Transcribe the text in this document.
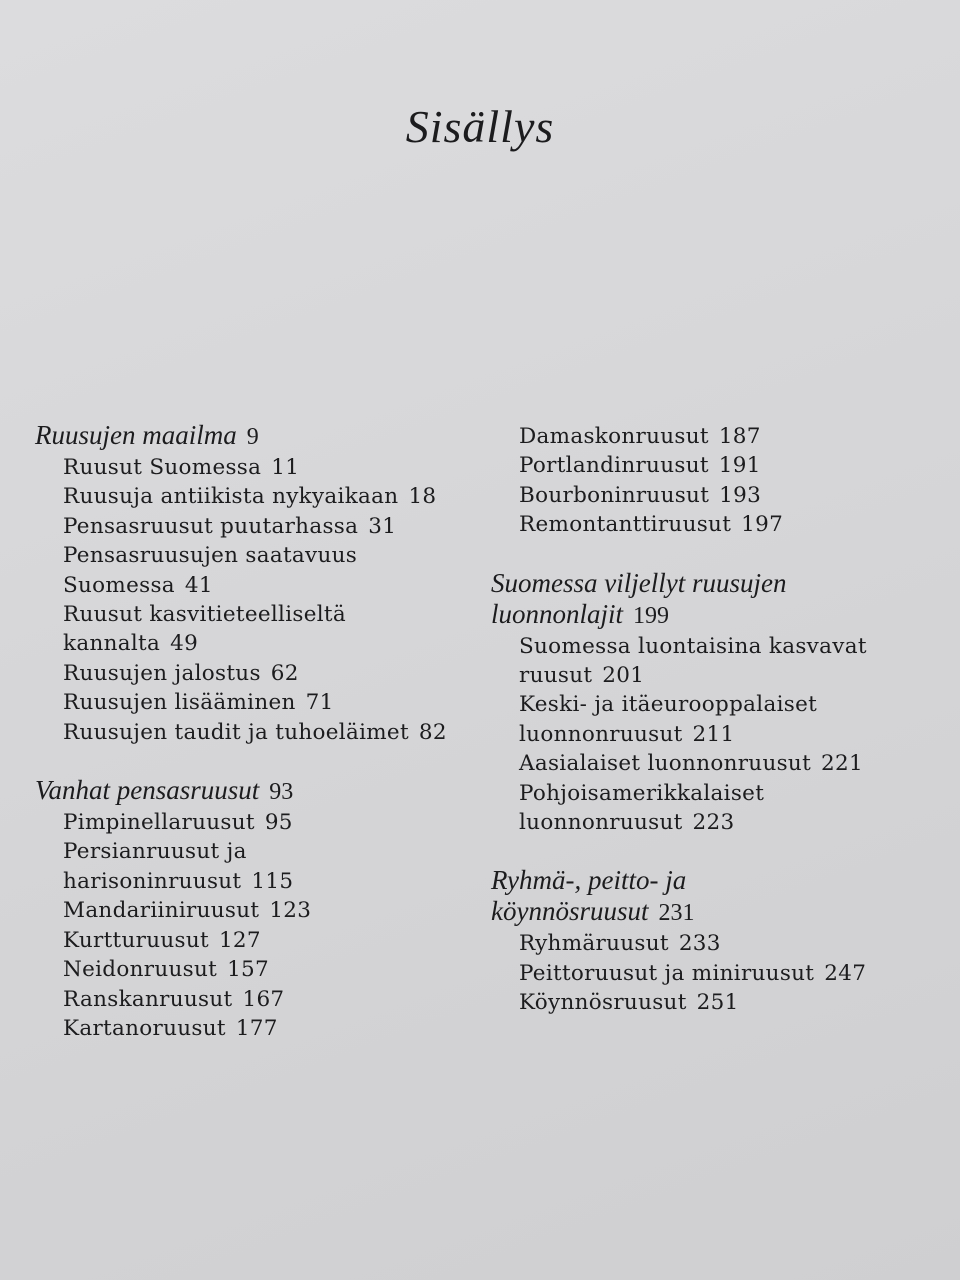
Sisällys
Ruusujen maailma 9
Ruusut Suomessa 11
Ruusuja antiikista nykyaikaan 18
Pensasruusut puutarhassa 31
Pensasruusujen saatavuus
Suomessa 41
Ruusut kasvitieteelliseltä
kannalta 49
Ruusujen jalostus 62
Ruusujen lisääminen 71
Ruusujen taudit ja tuhoeläimet 82
Vanhat pensasruusut 93
Pimpinellaruusut 95
Persianruusut ja
harisoninruusut 115
Mandariiniruusut 123
Kurtturuusut 127
Neidonruusut 157
Ranskanruusut 167
Kartanoruusut 177
Damaskonruusut 187
Portlandinruusut 191
Bourboninruusut 193
Remontanttiruusut 197
Suomessa viljellyt ruusujen
luonnonlajit 199
Suomessa luontaisina kasvavat
ruusut 201
Keski- ja itäeurooppalaiset
luonnonruusut 211
Aasialaiset luonnonruusut 221
Pohjoisamerikkalaiset
luonnonruusut 223
Ryhmä-, peitto- ja
köynnösruusut 231
Ryhmäruusut 233
Peittoruusut ja miniruusut 247
Köynnösruusut 251
